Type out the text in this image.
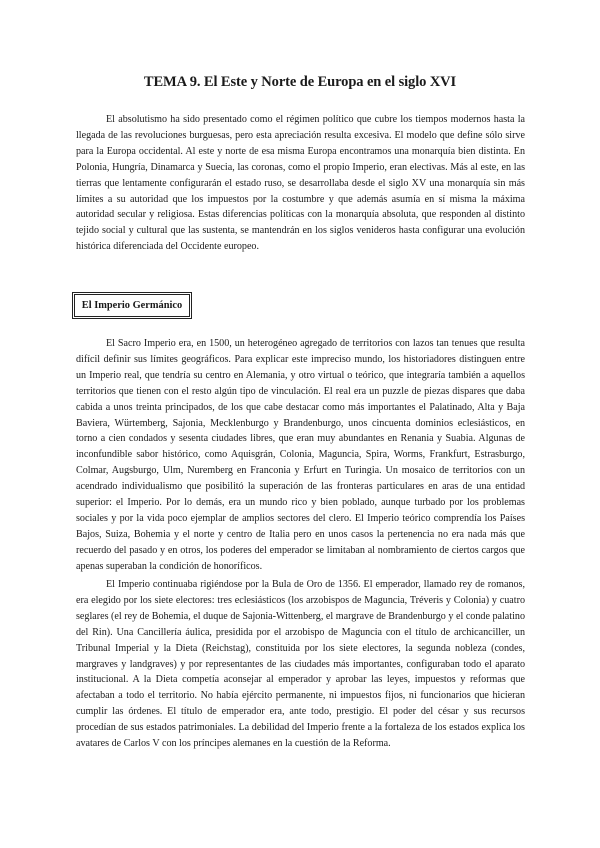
TEMA 9. El Este y Norte de Europa en el siglo XVI

El absolutismo ha sido presentado como el régimen político que cubre los tiempos modernos hasta la llegada de las revoluciones burguesas, pero esta apreciación resulta excesiva. El modelo que define sólo sirve para la Europa occidental. Al este y norte de esa misma Europa encontramos una monarquía bien distinta. En Polonia, Hungría, Dinamarca y Suecia, las coronas, como el propio Imperio, eran electivas. Más al este, en las tierras que lentamente configurarán el estado ruso, se desarrollaba desde el siglo XV una monarquía sin más límites a su autoridad que los impuestos por la costumbre y que además asumía en sí misma la máxima autoridad secular y religiosa. Estas diferencias políticas con la monarquía absoluta, que responden al distinto tejido social y cultural que las sustenta, se mantendrán en los siglos venideros hasta configurar una evolución histórica diferenciada del Occidente europeo.

El Imperio Germánico

El Sacro Imperio era, en 1500, un heterogéneo agregado de territorios con lazos tan tenues que resulta difícil definir sus límites geográficos. Para explicar este impreciso mundo, los historiadores distinguen entre un Imperio real, que tendría su centro en Alemania, y otro virtual o teórico, que integraría también a aquellos territorios que tienen con el resto algún tipo de vinculación. El real era un puzzle de piezas dispares que daba cabida a unos treinta principados, de los que cabe destacar como más importantes el Palatinado, Alta y Baja Baviera, Würtemberg, Sajonia, Mecklenburgo y Brandenburgo, unos cincuenta dominios eclesiásticos, en torno a cien condados y sesenta ciudades libres, que eran muy abundantes en Renania y Suabia. Algunas de inconfundible sabor histórico, como Aquisgrán, Colonia, Maguncia, Spira, Worms, Frankfurt, Estrasburgo, Colmar, Augsburgo, Ulm, Nuremberg en Franconia y Erfurt en Turingia. Un mosaico de territorios con un acendrado individualismo que posibilitó la superación de las fronteras particulares en aras de una entidad superior: el Imperio. Por lo demás, era un mundo rico y bien poblado, aunque turbado por los problemas sociales y por la vida poco ejemplar de amplios sectores del clero. El Imperio teórico comprendía los Países Bajos, Suiza, Bohemia y el norte y centro de Italia pero en unos casos la pertenencia no era nada más que recuerdo del pasado y en otros, los poderes del emperador se limitaban al nombramiento de ciertos cargos que apenas superaban la condición de honoríficos.

El Imperio continuaba rigiéndose por la Bula de Oro de 1356. El emperador, llamado rey de romanos, era elegido por los siete electores: tres eclesiásticos (los arzobispos de Maguncia, Tréveris y Colonia) y cuatro seglares (el rey de Bohemia, el duque de Sajonia-Wittenberg, el margrave de Brandenburgo y el conde palatino del Rin). Una Cancillería áulica, presidida por el arzobispo de Maguncia con el título de archicanciller, un Tribunal Imperial y la Dieta (Reichstag), constituida por los siete electores, la segunda nobleza (condes, margraves y landgraves) y por representantes de las ciudades más importantes, configuraban todo el aparato institucional. A la Dieta competía aconsejar al emperador y aprobar las leyes, impuestos y reformas que afectaban a todo el territorio. No había ejército permanente, ni impuestos fijos, ni funcionarios que hicieran cumplir las órdenes. El título de emperador era, ante todo, prestigio. El poder del césar y sus recursos procedían de sus estados patrimoniales. La debilidad del Imperio frente a la fortaleza de los estados explica los avatares de Carlos V con los príncipes alemanes en la cuestión de la Reforma.
